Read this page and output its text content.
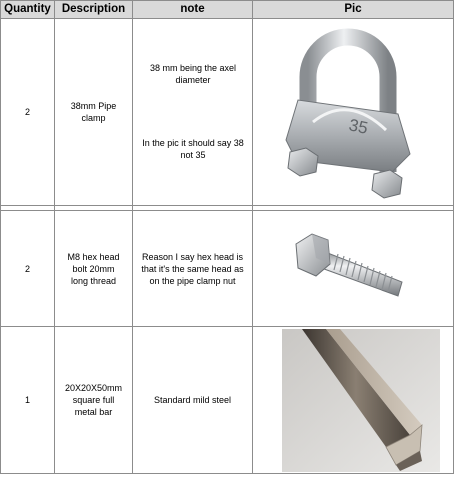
Quantity Description	note	Pic
2
38mm Pipe clamp
38 mm being the axel diameter
In the pic it should say 38 not 35
35
2
M8 hex head bolt 20mm long thread
Reason I say hex head is that it's the same head as on the pipe clamp nut
1
20X20X50mm square full metal bar
Standard mild steel
